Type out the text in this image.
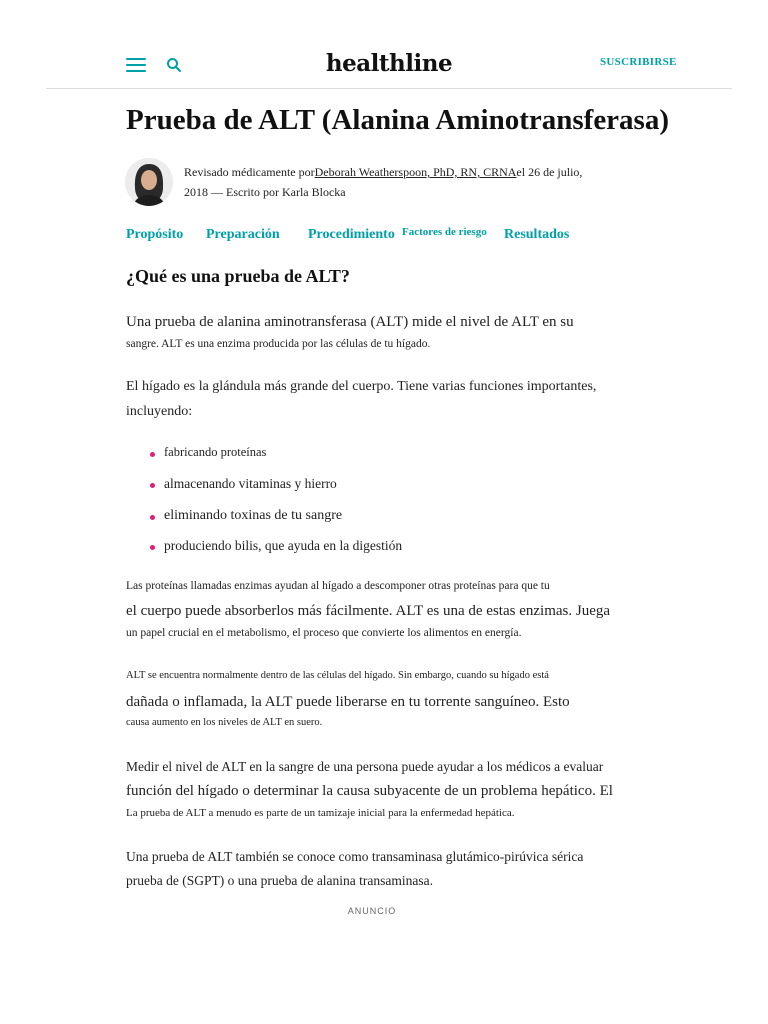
healthline	SUSCRIBIRSE
Prueba de ALT (Alanina Aminotransferasa)
Revisado médicamente porDeborah Weatherspoon, PhD, RN, CRNAel 26 de julio,
2018 — Escrito por Karla Blocka
Propósito Preparación Procedimiento Factores de riesgo Resultados
¿Qué es una prueba de ALT?
Una prueba de alanina aminotransferasa (ALT) mide el nivel de ALT en su
sangre. ALT es una enzima producida por las células de tu hígado.
El hígado es la glándula más grande del cuerpo. Tiene varias funciones importantes,
incluyendo:
fabricando proteínas
almacenando vitaminas y hierro
eliminando toxinas de tu sangre
produciendo bilis, que ayuda en la digestión
Las proteínas llamadas enzimas ayudan al hígado a descomponer otras proteínas para que tu
el cuerpo puede absorberlos más fácilmente. ALT es una de estas enzimas. Juega
un papel crucial en el metabolismo, el proceso que convierte los alimentos en energía.
ALT se encuentra normalmente dentro de las células del hígado. Sin embargo, cuando su hígado está
dañada o inflamada, la ALT puede liberarse en tu torrente sanguíneo. Esto
causa aumento en los niveles de ALT en suero.
Medir el nivel de ALT en la sangre de una persona puede ayudar a los médicos a evaluar
función del hígado o determinar la causa subyacente de un problema hepático. El
La prueba de ALT a menudo es parte de un tamizaje inicial para la enfermedad hepática.
Una prueba de ALT también se conoce como transaminasa glutámico-pirúvica sérica
prueba de (SGPT) o una prueba de alanina transaminasa.
ANUNCIO
